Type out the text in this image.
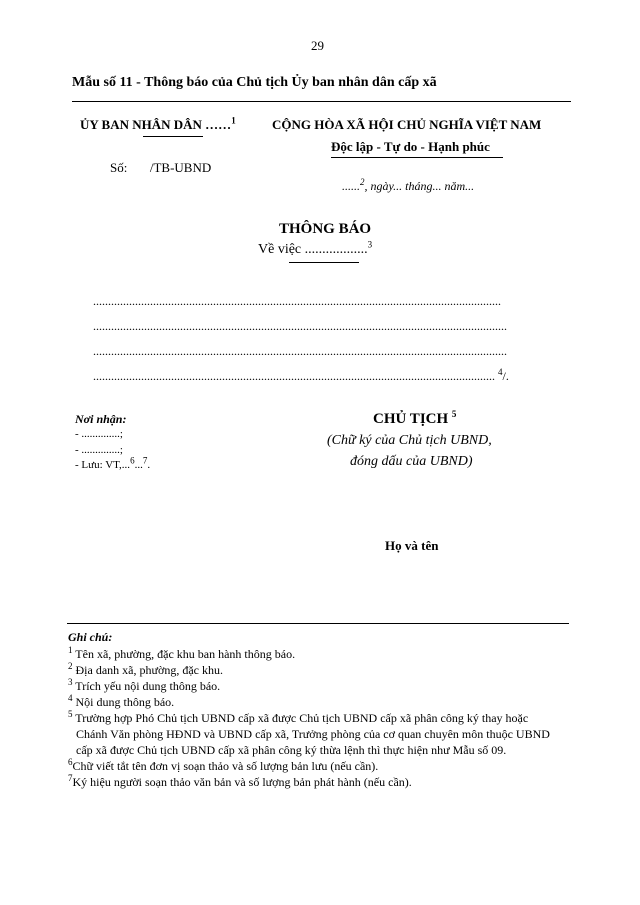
29
Mẫu số 11 - Thông báo của Chủ tịch Ủy ban nhân dân cấp xã
ỦY BAN NHÂN DÂN ……$^1$
Số: /TB-UBND
CỘNG HÒA XÃ HỘI CHỦ NGHĨA VIỆT NAM
Độc lập - Tự do - Hạnh phúc
......$^2$, ngày... tháng... năm...
THÔNG BÁO
Về việc ..................$^3$
........................................................................................................................................
..........................................................................................................................................
..........................................................................................................................................
...................................................................................................................................... $^4$/.
Nơi nhận:
- ..............;
- ..............;
- Lưu: VT,...$^6$...$^7$.
CHỦ TỊCH $^5$
(Chữ ký của Chủ tịch UBND,
đóng dấu của UBND)
Họ và tên
Ghi chú:
$^1$ Tên xã, phường, đặc khu ban hành thông báo.
$^2$ Địa danh xã, phường, đặc khu.
$^3$ Trích yếu nội dung thông báo.
$^4$ Nội dung thông báo.
$^5$ Trường hợp Phó Chủ tịch UBND cấp xã được Chủ tịch UBND cấp xã phân công ký thay hoặc
Chánh Văn phòng HĐND và UBND cấp xã, Trưởng phòng của cơ quan chuyên môn thuộc UBND
cấp xã được Chủ tịch UBND cấp xã phân công ký thừa lệnh thì thực hiện như Mẫu số 09.
$^6$Chữ viết tắt tên đơn vị soạn thảo và số lượng bản lưu (nếu cần).
$^7$Ký hiệu người soạn thảo văn bản và số lượng bản phát hành (nếu cần).
